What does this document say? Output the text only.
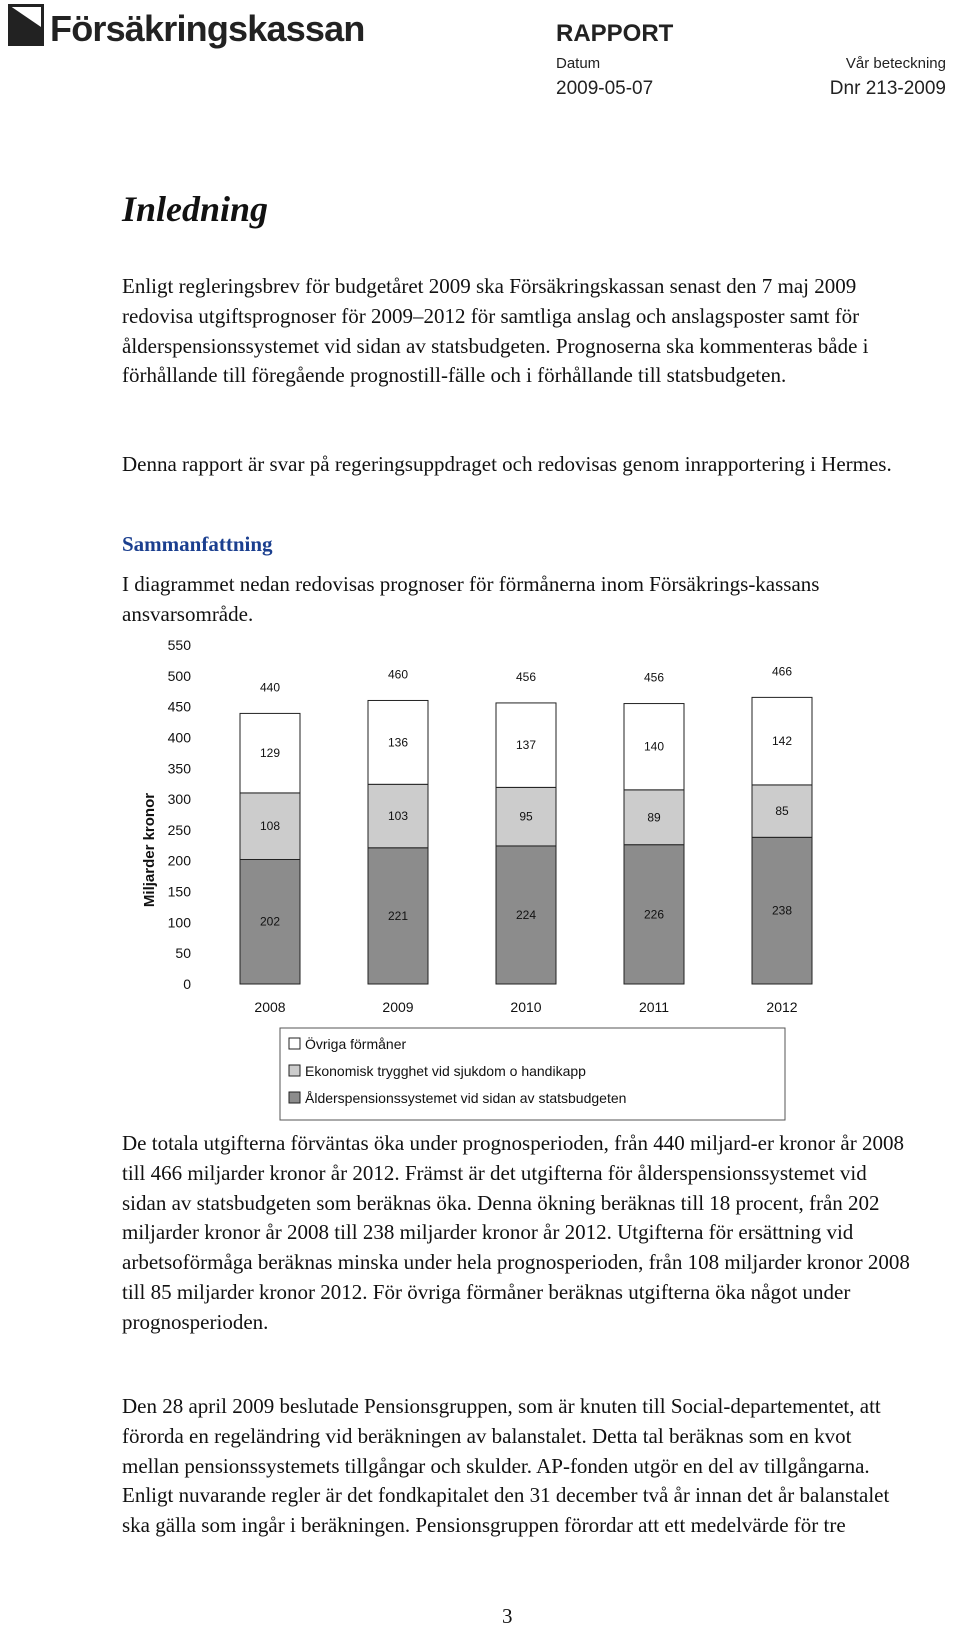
Försäkringskassan	RAPPORT
Datum	Vår beteckning
2009-05-07	Dnr 213-2009
Inledning

Enligt regleringsbrev för budgetåret 2009 ska Försäkringskassan senast den 7 maj 2009 redovisa utgiftsprognoser för 2009–2012 för samtliga anslag och anslagsposter samt för ålderspensionssystemet vid sidan av statsbudgeten. Prognoserna ska kommenteras både i förhållande till föregående prognostill-fälle och i förhållande till statsbudgeten.

Denna rapport är svar på regeringsuppdraget och redovisas genom inrapportering i Hermes.

Sammanfattning

I diagrammet nedan redovisas prognoser för förmånerna inom Försäkrings-kassans ansvarsområde.

0
50
100
150
200
250
300
350
400
450
500
550
Miljarder kronor
202
108
129
440
221
103
136
460
224
95
137
456
226
89
140
456
238
85
142
466
2008	2009	2010	2011	2012
Övriga förmåner
Ekonomisk trygghet vid sjukdom o handikapp
Ålderspensionssystemet vid sidan av statsbudgeten

De totala utgifterna förväntas öka under prognosperioden, från 440 miljard-er kronor år 2008 till 466 miljarder kronor år 2012. Främst är det utgifterna för ålderspensionssystemet vid sidan av statsbudgeten som beräknas öka. Denna ökning beräknas till 18 procent, från 202 miljarder kronor år 2008 till 238 miljarder kronor år 2012. Utgifterna för ersättning vid arbetsoförmåga beräknas minska under hela prognosperioden, från 108 miljarder kronor 2008 till 85 miljarder kronor 2012. För övriga förmåner beräknas utgifterna öka något under prognosperioden.

Den 28 april 2009 beslutade Pensionsgruppen, som är knuten till Social-departementet, att förorda en regeländring vid beräkningen av balanstalet. Detta tal beräknas som en kvot mellan pensionssystemets tillgångar och skulder. AP-fonden utgör en del av tillgångarna. Enligt nuvarande regler är det fondkapitalet den 31 december två år innan det år balanstalet ska gälla som ingår i beräkningen. Pensionsgruppen förordar att ett medelvärde för tre

3
